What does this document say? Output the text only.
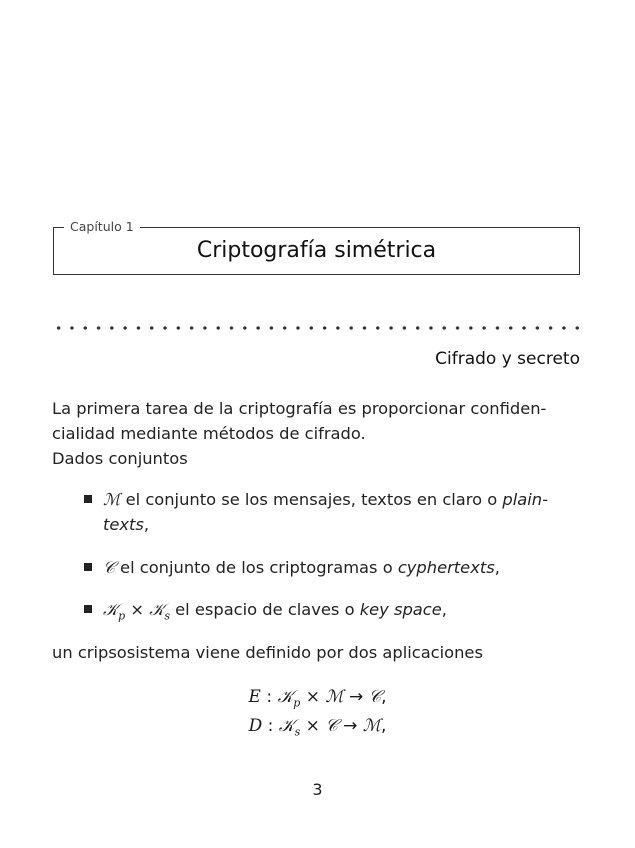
Capítulo 1
Criptografía simétrica
Cifrado y secreto
La primera tarea de la criptografía es proporcionar confiden-
cialidad mediante métodos de cifrado.
Dados conjuntos
ℳ el conjunto se los mensajes, textos en claro o plain-
texts,
𝒞 el conjunto de los criptogramas o cyphertexts,
𝒦$_p$ × 𝒦$_s$ el espacio de claves o key space,
un cripsosistema viene definido por dos aplicaciones
E : 𝒦$_p$ × ℳ → 𝒞,
D : 𝒦$_s$ × 𝒞 → ℳ,
3
